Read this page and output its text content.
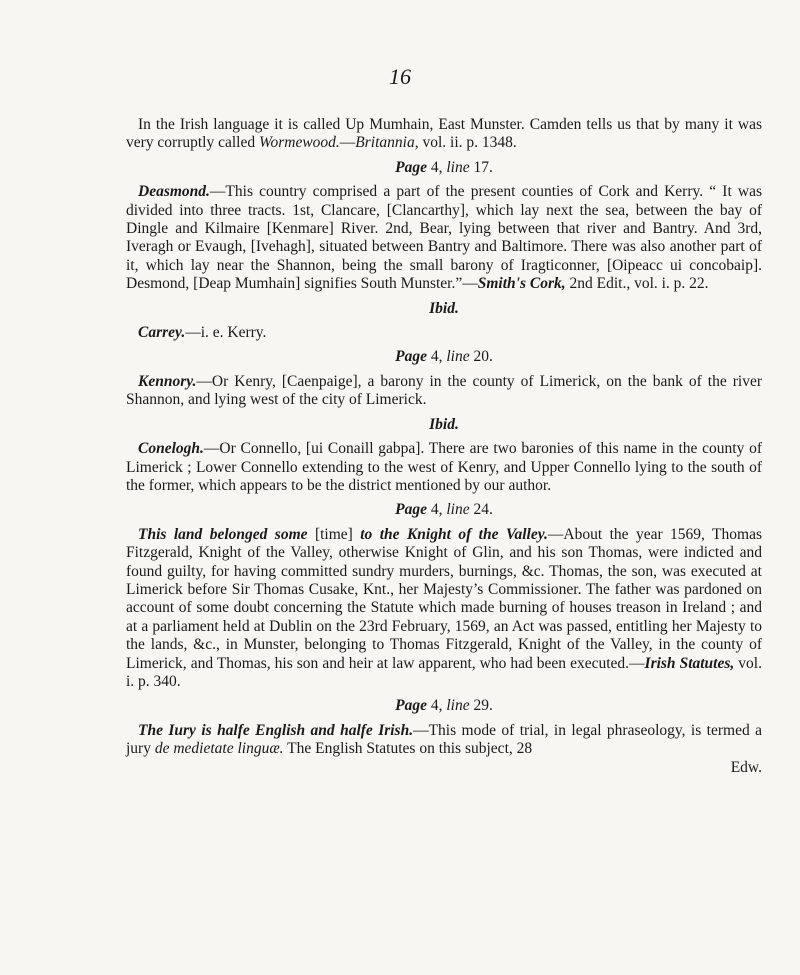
16

In the Irish language it is called Up Mumhain, East Munster. Camden tells us that by many it was very corruptly called Wormewood.—Britannia, vol. ii. p. 1348.

Page 4, line 17.

Deasmond.—This country comprised a part of the present counties of Cork and Kerry. “ It was divided into three tracts. 1st, Clancare, [Clancarthy], which lay next the sea, between the bay of Dingle and Kilmaire [Kenmare] River. 2nd, Bear, lying between that river and Bantry. And 3rd, Iveragh or Evaugh, [Ivehagh], situated between Bantry and Baltimore. There was also another part of it, which lay near the Shannon, being the small barony of Iragticonner, [Oipeacc ui concobaip]. Desmond, [Deap Mumhain] signifies South Munster.”—Smith's Cork, 2nd Edit., vol. i. p. 22.

Ibid.

Carrey.—i. e. Kerry.

Page 4, line 20.

Kennory.—Or Kenry, [Caenpaige], a barony in the county of Limerick, on the bank of the river Shannon, and lying west of the city of Limerick.

Ibid.

Conelogh.—Or Connello, [ui Conaill gabpa]. There are two baronies of this name in the county of Limerick ; Lower Connello extending to the west of Kenry, and Upper Connello lying to the south of the former, which appears to be the district mentioned by our author.

Page 4, line 24.

This land belonged some [time] to the Knight of the Valley.—About the year 1569, Thomas Fitzgerald, Knight of the Valley, otherwise Knight of Glin, and his son Thomas, were indicted and found guilty, for having committed sundry murders, burnings, &c. Thomas, the son, was executed at Limerick before Sir Thomas Cusake, Knt., her Majesty’s Commissioner. The father was pardoned on account of some doubt concerning the Statute which made burning of houses treason in Ireland ; and at a parliament held at Dublin on the 23rd February, 1569, an Act was passed, entitling her Majesty to the lands, &c., in Munster, belonging to Thomas Fitzgerald, Knight of the Valley, in the county of Limerick, and Thomas, his son and heir at law apparent, who had been executed.—Irish Statutes, vol. i. p. 340.

Page 4, line 29.

The Iury is halfe English and halfe Irish.—This mode of trial, in legal phraseology, is termed a jury de medietate linguæ. The English Statutes on this subject, 28

Edw.
